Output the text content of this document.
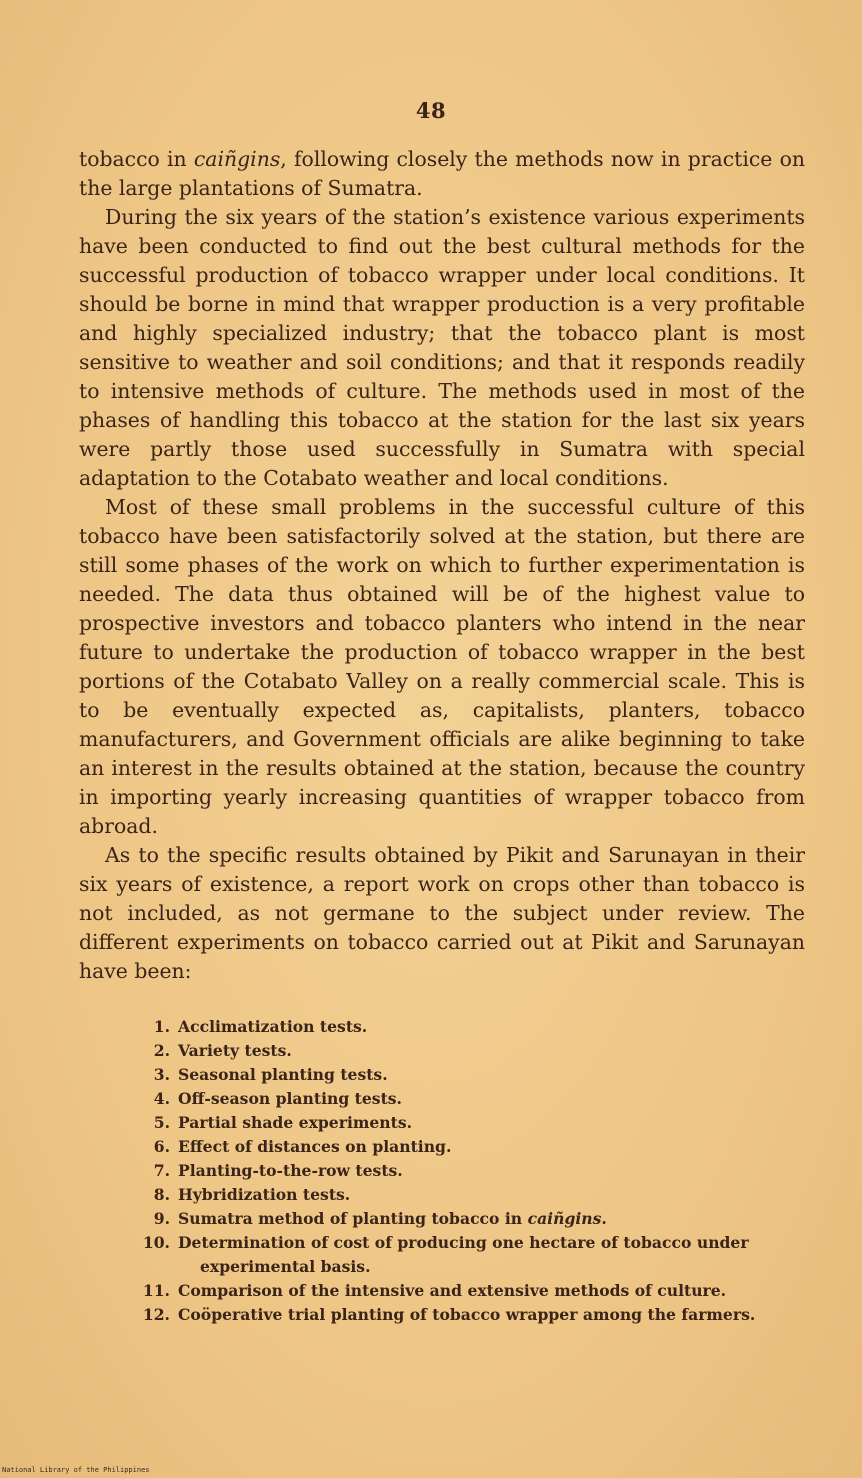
48

tobacco in caiñgins, following closely the methods now in practice on the large plantations of Sumatra.

During the six years of the station’s existence various experiments have been conducted to find out the best cultural methods for the successful production of tobacco wrapper under local conditions. It should be borne in mind that wrapper production is a very profitable and highly specialized industry; that the tobacco plant is most sensitive to weather and soil conditions; and that it responds readily to intensive methods of culture. The methods used in most of the phases of handling this tobacco at the station for the last six years were partly those used successfully in Sumatra with special adaptation to the Cotabato weather and local conditions.

Most of these small problems in the successful culture of this tobacco have been satisfactorily solved at the station, but there are still some phases of the work on which to further experimentation is needed. The data thus obtained will be of the highest value to prospective investors and tobacco planters who intend in the near future to undertake the production of tobacco wrapper in the best portions of the Cotabato Valley on a really commercial scale. This is to be eventually expected as, capitalists, planters, tobacco manufacturers, and Government officials are alike beginning to take an interest in the results obtained at the station, because the country in importing yearly increasing quantities of wrapper tobacco from abroad.

As to the specific results obtained by Pikit and Sarunayan in their six years of existence, a report work on crops other than tobacco is not included, as not germane to the subject under review. The different experiments on tobacco carried out at Pikit and Sarunayan have been:

1. Acclimatization tests.
2. Variety tests.
3. Seasonal planting tests.
4. Off-season planting tests.
5. Partial shade experiments.
6. Effect of distances on planting.
7. Planting-to-the-row tests.
8. Hybridization tests.
9. Sumatra method of planting tobacco in caiñgins.
10. Determination of cost of producing one hectare of tobacco under
experimental basis.
11. Comparison of the intensive and extensive methods of culture.
12. Coöperative trial planting of tobacco wrapper among the farmers.
National Library of the Philippines
